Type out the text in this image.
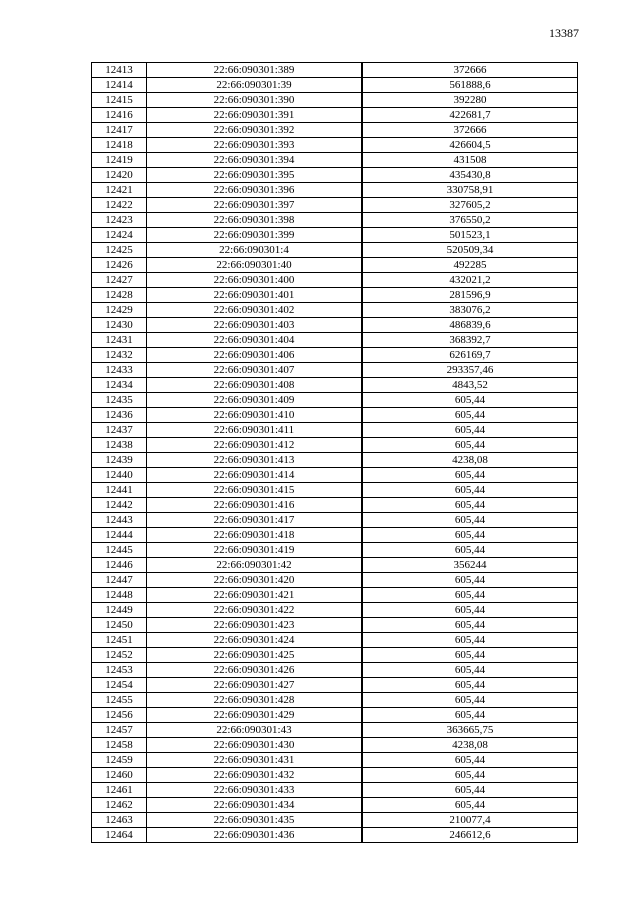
13387
12413	22:66:090301:389		372666
12414	22:66:090301:39		561888,6
12415	22:66:090301:390		392280
12416	22:66:090301:391		422681,7
12417	22:66:090301:392		372666
12418	22:66:090301:393		426604,5
12419	22:66:090301:394		431508
12420	22:66:090301:395		435430,8
12421	22:66:090301:396		330758,91
12422	22:66:090301:397		327605,2
12423	22:66:090301:398		376550,2
12424	22:66:090301:399		501523,1
12425	22:66:090301:4		520509,34
12426	22:66:090301:40		492285
12427	22:66:090301:400		432021,2
12428	22:66:090301:401		281596,9
12429	22:66:090301:402		383076,2
12430	22:66:090301:403		486839,6
12431	22:66:090301:404		368392,7
12432	22:66:090301:406		626169,7
12433	22:66:090301:407		293357,46
12434	22:66:090301:408		4843,52
12435	22:66:090301:409		605,44
12436	22:66:090301:410		605,44
12437	22:66:090301:411		605,44
12438	22:66:090301:412		605,44
12439	22:66:090301:413		4238,08
12440	22:66:090301:414		605,44
12441	22:66:090301:415		605,44
12442	22:66:090301:416		605,44
12443	22:66:090301:417		605,44
12444	22:66:090301:418		605,44
12445	22:66:090301:419		605,44
12446	22:66:090301:42		356244
12447	22:66:090301:420		605,44
12448	22:66:090301:421		605,44
12449	22:66:090301:422		605,44
12450	22:66:090301:423		605,44
12451	22:66:090301:424		605,44
12452	22:66:090301:425		605,44
12453	22:66:090301:426		605,44
12454	22:66:090301:427		605,44
12455	22:66:090301:428		605,44
12456	22:66:090301:429		605,44
12457	22:66:090301:43		363665,75
12458	22:66:090301:430		4238,08
12459	22:66:090301:431		605,44
12460	22:66:090301:432		605,44
12461	22:66:090301:433		605,44
12462	22:66:090301:434		605,44
12463	22:66:090301:435		210077,4
12464	22:66:090301:436		246612,6
